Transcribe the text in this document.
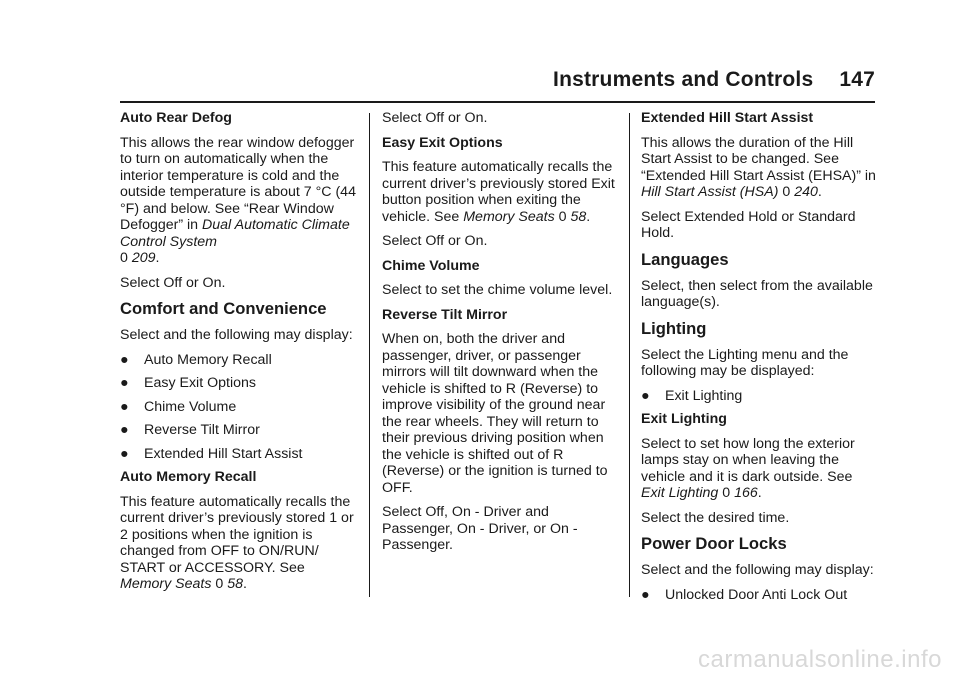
Instruments and Controls 147

Auto Rear Defog

This allows the rear window defogger to turn on automatically when the interior temperature is cold and the outside temperature is about 7 °C (44 °F) and below. See “Rear Window Defogger” in Dual Automatic Climate Control System
0 209.

Select Off or On.

Comfort and Convenience

Select and the following may display:

● Auto Memory Recall

● Easy Exit Options

● Chime Volume

● Reverse Tilt Mirror

● Extended Hill Start Assist

Auto Memory Recall

This feature automatically recalls the current driver’s previously stored 1 or 2 positions when the ignition is changed from OFF to ON/RUN/ START or ACCESSORY. See
Memory Seats 0 58.

Select Off or On.

Easy Exit Options

This feature automatically recalls the current driver’s previously stored Exit button position when exiting the vehicle. See Memory Seats 0 58.

Select Off or On.

Chime Volume

Select to set the chime volume level.

Reverse Tilt Mirror

When on, both the driver and passenger, driver, or passenger mirrors will tilt downward when the vehicle is shifted to R (Reverse) to improve visibility of the ground near the rear wheels. They will return to their previous driving position when the vehicle is shifted out of R (Reverse) or the ignition is turned to OFF.

Select Off, On - Driver and Passenger, On - Driver, or On - Passenger.

Extended Hill Start Assist

This allows the duration of the Hill Start Assist to be changed. See “Extended Hill Start Assist (EHSA)” in Hill Start Assist (HSA) 0 240.

Select Extended Hold or Standard Hold.

Languages

Select, then select from the available language(s).

Lighting

Select the Lighting menu and the following may be displayed:

● Exit Lighting

Exit Lighting

Select to set how long the exterior lamps stay on when leaving the vehicle and it is dark outside. See
Exit Lighting 0 166.

Select the desired time.

Power Door Locks

Select and the following may display:

● Unlocked Door Anti Lock Out

carmanualsonline.info
